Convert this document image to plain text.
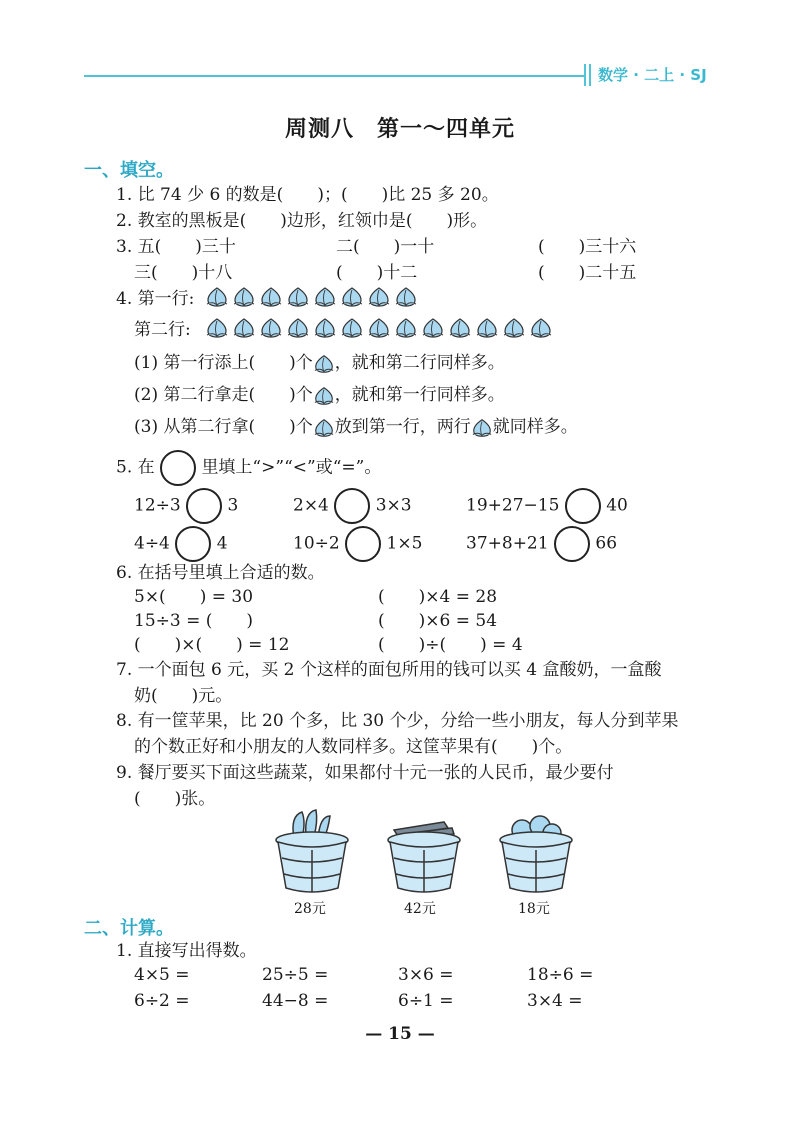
数学 · 二上 · SJ
周测八　第一～四单元
一、填空。
1. 比 74 少 6 的数是(　　)；(　　)比 25 多 20。
2. 教室的黑板是(　　)边形，红领巾是(　　)形。
3. 五(　　)三十	二(　　)一十	(　　)三十六
三(　　)十八	(　　)十二	(　　)二十五
4. 第一行:
第二行:
(1) 第一行添上(　　)个 ，就和第二行同样多。
(2) 第二行拿走(　　)个 ，就和第一行同样多。
(3) 从第二行拿(　　)个 放到第一行，两行 就同样多。
5. 在	里填上“>”“<”或“=”。
12÷3	3	2×4	3×3	19+27−15	40
4÷4	4	10÷2	1×5	37+8+21	66
6. 在括号里填上合适的数。
5×(　　) = 30	(　　)×4 = 28
15÷3 = (　　)	(　　)×6 = 54
(　　)×(　　) = 12	(　　)÷(　　) = 4
7. 一个面包 6 元，买 2 个这样的面包所用的钱可以买 4 盒酸奶，一盒酸
奶(　　)元。
8. 有一筐苹果，比 20 个多，比 30 个少，分给一些小朋友，每人分到苹果
的个数正好和小朋友的人数同样多。这筐苹果有(　　)个。
9. 餐厅要买下面这些蔬菜，如果都付十元一张的人民币，最少要付
(　　)张。
28元	42元	18元
二、计算。
1. 直接写出得数。
4×5 =	25÷5 =	3×6 =	18÷6 =
6÷2 =	44−8 =	6÷1 =	3×4 =
— 15 —
